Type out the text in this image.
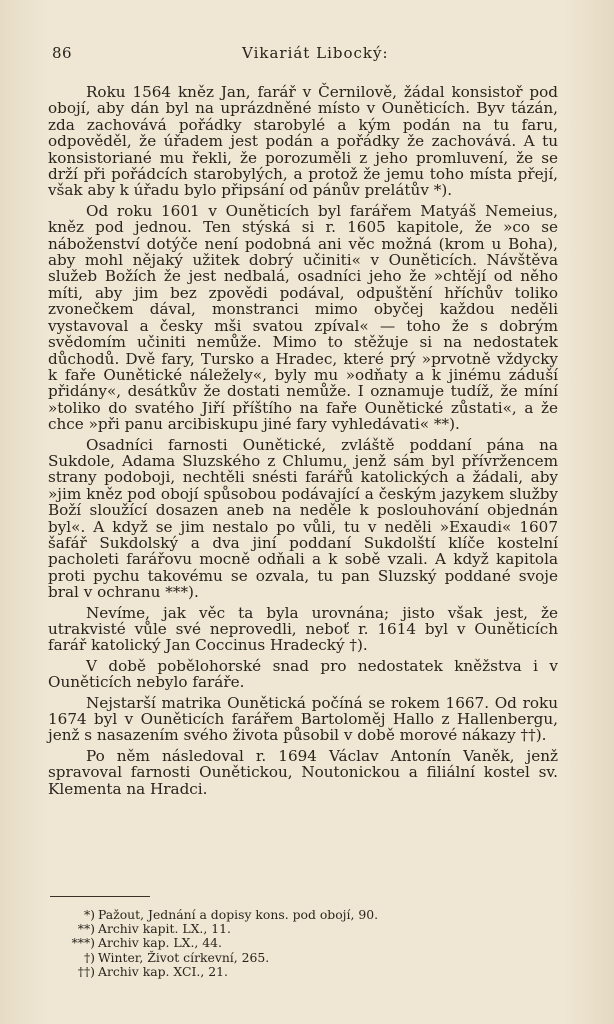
86	Vikariát Libocký:

Roku 1564 kněz Jan, farář v Černilově, žádal konsistoř pod obojí, aby dán byl na uprázdněné místo v Ouněticích. Byv tázán, zda zachovává pořádky starobylé a kým podán na tu faru, odpověděl, že úřadem jest podán a pořádky že zachovává. A tu konsistoriané mu řekli, že porozuměli z jeho promluvení, že se drží při pořádcích starobylých, a protož že jemu toho místa přejí, však aby k úřadu bylo připsání od pánův prelátův *).

Od roku 1601 v Ouněticích byl farářem Matyáš Nemeius, kněz pod jednou. Ten stýská si r. 1605 kapitole, že »co se náboženství dotýče není podobná ani věc možná (krom u Boha), aby mohl nějaký užitek dobrý učiniti« v Ouněticích. Návštěva služeb Božích že jest nedbalá, osadníci jeho že »chtějí od něho míti, aby jim bez zpovědi podával, odpuštění hříchův toliko zvonečkem dával, monstranci mimo obyčej každou neděli vystavoval a česky mši svatou zpíval« — toho že s dobrým svědomím učiniti nemůže. Mimo to stěžuje si na nedostatek důchodů. Dvě fary, Tursko a Hradec, které prý »prvotně vždycky k faře Ounětické náležely«, byly mu »odňaty a k jinému záduší přidány«, desátkův že dostati nemůže. I oznamuje tudíž, že míní »toliko do svatého Jiří příštího na faře Ounětické zůstati«, a že chce »při panu arcibiskupu jiné fary vyhledávati« **).

Osadníci farnosti Ounětické, zvláště poddaní pána na Sukdole, Adama Sluzského z Chlumu, jenž sám byl přívržencem strany podoboji, nechtěli snésti farářů katolických a žádali, aby »jim kněz pod obojí spůsobou podávající a českým jazykem služby Boží sloužící dosazen aneb na neděle k poslouhování objednán byl«. A když se jim nestalo po vůli, tu v neděli »Exaudi« 1607 šafář Sukdolský a dva jiní poddaní Sukdolští klíče kostelní pacholeti farářovu mocně odňali a k sobě vzali. A když kapitola proti pychu takovému se ozvala, tu pan Sluzský poddané svoje bral v ochranu ***).

Nevíme, jak věc ta byla urovnána; jisto však jest, že utrakvisté vůle své neprovedli, neboť r. 1614 byl v Ouněticích farář katolický Jan Coccinus Hradecký †).

V době pobělohorské snad pro nedostatek kněžstva i v Ouněticích nebylo faráře.

Nejstarší matrika Ounětická počíná se rokem 1667. Od roku 1674 byl v Ouněticích farářem Bartoloměj Hallo z Hallenbergu, jenž s nasazením svého života působil v době morové nákazy ††).

Po něm následoval r. 1694 Václav Antonín Vaněk, jenž spravoval farnosti Ounětickou, Noutonickou a filiální kostel sv. Klementa na Hradci.

*) Pažout, Jednání a dopisy kons. pod obojí, 90.
**) Archiv kapit. LX., 11.
***) Archiv kap. LX., 44.
†) Winter, Život církevní, 265.
††) Archiv kap. XCI., 21.
